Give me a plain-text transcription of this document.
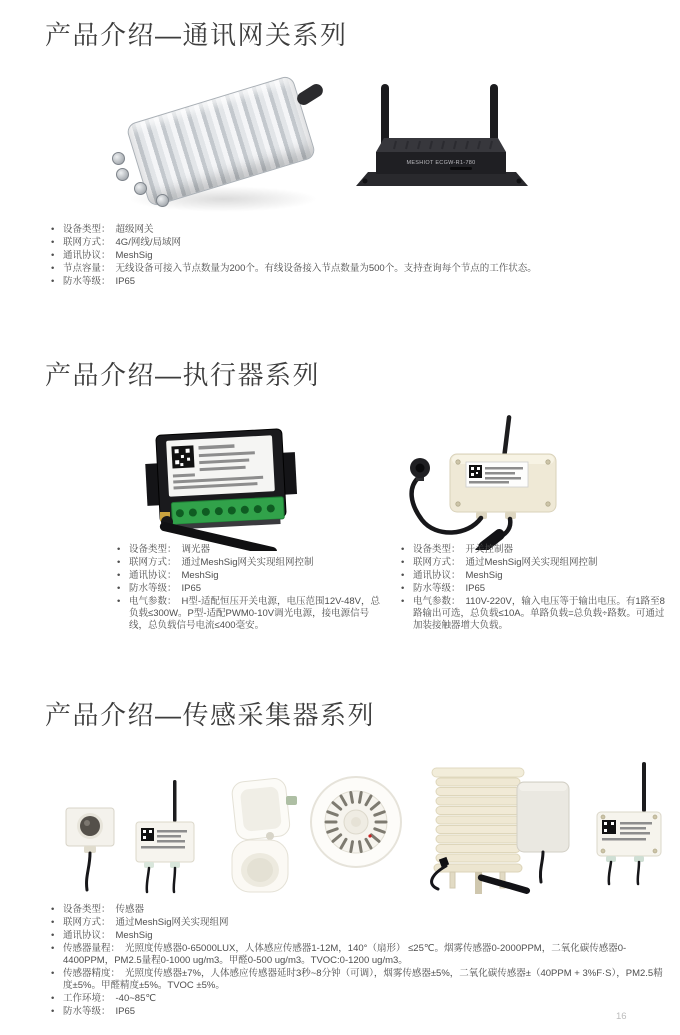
产品介绍—通讯网关系列
MESHIOT ECGW-R1-780
• 设备类型： 超级网关
• 联网方式： 4G/网线/局域网
• 通讯协议： MeshSig
• 节点容量： 无线设备可接入节点数量为200个。有线设备接入节点数量为500个。支持查询每个节点的工作状态。
• 防水等级： IP65
产品介绍—执行器系列
• 设备类型： 调光器
• 联网方式： 通过MeshSig网关实现组网控制
• 通讯协议： MeshSig
• 防水等级： IP65
• 电气参数： H型-适配恒压开关电源，电压范围12V-48V，总负载≤300W。P型-适配PWM0-10V调光电源，接电源信号线，总负载信号电流≤400毫安。
• 设备类型： 开关控制器
• 联网方式： 通过MeshSig网关实现组网控制
• 通讯协议： MeshSig
• 防水等级： IP65
• 电气参数： 110V-220V，输入电压等于输出电压。有1路至8路输出可选，总负载≤10A。单路负载=总负载÷路数。可通过加装接触器增大负载。
产品介绍—传感采集器系列
• 设备类型： 传感器
• 联网方式： 通过MeshSig网关实现组网
• 通讯协议： MeshSig
• 传感器量程： 光照度传感器0-65000LUX，人体感应传感器1-12M，140°（扇形） ≤25℃。烟雾传感器0-2000PPM，二氧化碳传感器0-4400PPM，PM2.5量程0-1000 ug/m3。甲醛0-500 ug/m3。TVOC:0-1200 ug/m3。
• 传感器精度： 光照度传感器±7%，人体感应传感器延时3秒~8分钟（可调），烟雾传感器±5%，二氧化碳传感器±（40PPM + 3%F·S），PM2.5精度±5%。甲醛精度±5%。TVOC ±5%。
• 工作环境： -40~85℃
• 防水等级： IP65	16
